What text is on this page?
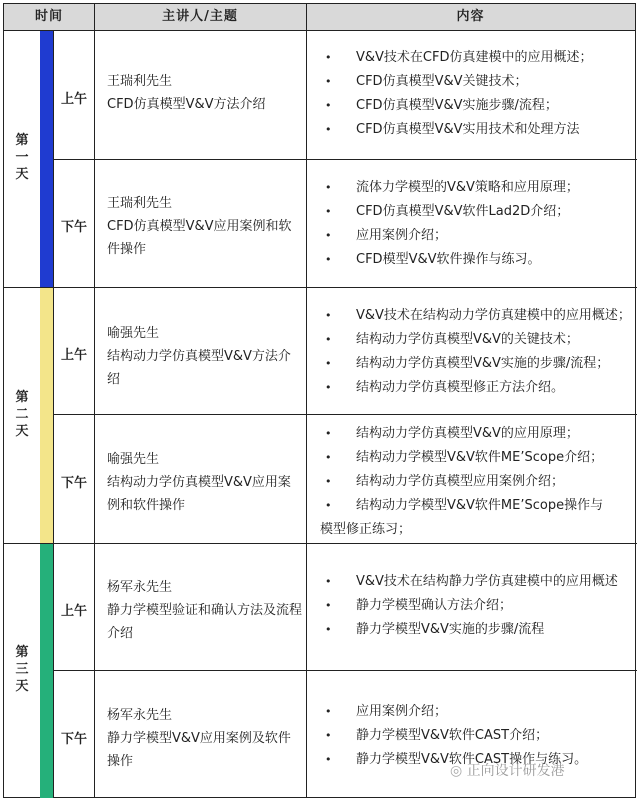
时间	主讲人/主题	内容
第一天
上午
王瑞利先生
CFD仿真模型V&V方法介绍
• V&V技术在CFD仿真建模中的应用概述；
• CFD仿真模型V&V关键技术；
• CFD仿真模型V&V实施步骤/流程；
• CFD仿真模型V&V实用技术和处理方法
下午
王瑞利先生
CFD仿真模型V&V应用案例和软件操作
• 流体力学模型的V&V策略和应用原理；
• CFD仿真模型V&V软件Lad2D介绍；
• 应用案例介绍；
• CFD模型V&V软件操作与练习。
第二天
上午
喻强先生
结构动力学仿真模型V&V方法介绍
• V&V技术在结构动力学仿真建模中的应用概述；
• 结构动力学仿真模型V&V的关键技术；
• 结构动力学仿真模型V&V实施的步骤/流程；
• 结构动力学仿真模型修正方法介绍。
下午
喻强先生
结构动力学仿真模型V&V应用案例和软件操作
• 结构动力学仿真模型V&V的应用原理；
• 结构动力学模型V&V软件ME’Scope介绍；
• 结构动力学仿真模型应用案例介绍；
• 结构动力学模型V&V软件ME’Scope操作与
模型修正练习；
第三天
上午
杨军永先生
静力学模型验证和确认方法及流程介绍
• V&V技术在结构静力学仿真建模中的应用概述
• 静力学模型确认方法介绍；
• 静力学模型V&V实施的步骤/流程
下午
杨军永先生
静力学模型V&V应用案例及软件操作
• 应用案例介绍；
• 静力学模型V&V软件CAST介绍；
• 静力学模型V&V软件CAST操作与练习。
◎ 正向设计研发港
